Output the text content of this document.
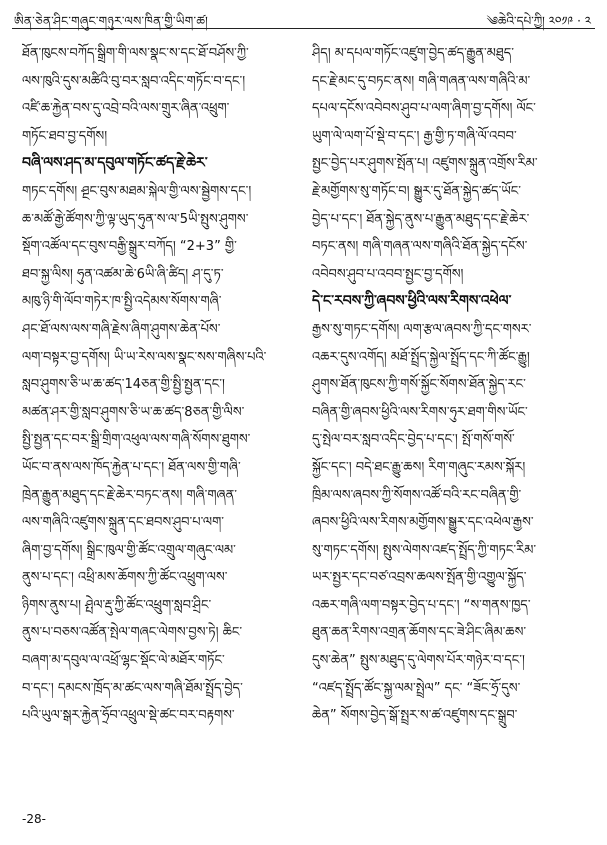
ཨིན་ཅེན་ཤིང་གཞུང་གཉུར་ལས་ཁིན་གྱི་ཡིག་ཚ།	༄ཆེའི་དཔེ་ཀྱི། ༢༠༡༩ · ༢
ཐོན་ཁུངས་བཀོད་སྒྲིག་གི་ལས་སྣང་ས་དང་ཐོ་བཤོས་ཀྱི་
ལས་ཁུའི་དུས་མཚིའི་བུ་བར་སླབ་འདིང་གཏོང་བ་དང་།
འཛི་ཆ་རྐྱེན་བས་དུ་འབྲེ་བའི་ལས་གྲུར་ཞིན་འཕྲུག་
གཏོང་ཐབ་བྱ་དགོས།
བཞི་ལས་ཤད་མ་དབུལ་གཏོང་ཚད་རྗེ་ཆེར་
གཏང་དགོས། ཤྔང་བུས་མཐམ་སྐེལ་གྱི་ལས་སྦྱེགས་དང་།
ཆ་མཚོ་རྒྱེ་ཚོགས་ཀྱི་ལྟ་ཡུད་ཧུན་ས་ལ་5ཡི་སྤུས་ཤུགས་
སྡོག་འཚོལ་དང་བུས་བརྒྱི་སྒྲུར་བཀོད། “2+3” གྱི་
ཐབ་སྐྱ་ལིས། ཧུན་འཚམ་ཆེ་6ཡི་ཞི་ཚིད། ཤ་དུ་ཏ་
མཁུ་ཉི་གི་ལོབ་གཏེར་ཁ་སྤྱི་འདེམས་སོགས་གཞི་
ཤང་ཐོ་ལས་ལས་གཞི་རྗེས་ཞིག་ཤུགས་ཆེན་པོས་
ལག་བསྟར་བྱ་དགོས། ཡི་ཡ་རེས་ལས་སྣང་སས་གཞིས་པའི་
སླབ་ཤུགས་ཅི་ཡ་ཆ་ཚད་14ཅན་གྱི་སྤྱི་སྤྱན་དང་།
མཚན་ཤར་གྱི་སླབ་ཤུགས་ཅི་ཡ་ཆ་ཚད་8ཅན་གྱི་ལིས་
སྤྱི་སྤྱན་དང་བར་སྒྲི་གྲིག་འཕུལ་ལས་གཞི་སོགས་ཐུགས་
ཡོང་བ་ནས་ལས་ཁོད་རྐྱེན་པ་དང་། ཐོན་ལས་གྱི་གཞི་
ཁྲེན་རྒྱུན་མཐུད་དང་རྗེ་ཆེར་བཏང་ནས། གཞི་གཞན་
ལས་གཞིའི་འཛུགས་སྐྲུན་དང་ཐབས་ཤུབ་པ་ལག་
ཞིག་བྱ་དགོས། སྒྲིང་ཁུལ་གྱི་ཚོང་འགྲུལ་གཞུང་ལམ་
ནུས་པ་དང་། འཕྲི་མས་ཆོགས་ཀྱི་ཚོང་འཕྲུག་ལས་
ཉིགས་ནུས་པ། ཤྤེལ་རྡུ་ཀྱི་ཚོང་འཕྲུག་སླབ་ཤྲིང་
ནུས་པ་བཅས་འཚོན་སྤེལ་གཞང་ལེགས་བྱས་ཏེ། ཆིང་
བཞག་མ་དབུལ་ལ་འཕྲོ་ལྷང་སྡོང་ལེ་མཐོར་གཏོང་
བ་དང་། དམངས་ཁྲོད་མ་ཚང་ལས་གཞི་ཐོམ་སྤྲོད་བྱེད་
པའི་ཡུལ་སྒར་རྐྱེན་ཧྲོབ་འཕྲུལ་སྡེ་ཚང་བར་བརྟགས་
ཤིད། མ་དཔལ་གཏོང་འཛུག་བྱེད་ཚད་རྒྱུན་མཐུད་
དང་རྗེ་མང་དུ་བཏང་ནས། གཞི་གཞན་ལས་གཞིའི་མ་
དཔལ་དངོས་འབེབས་ཤུབ་པ་ལག་ཞིག་བྱ་དགོས། ལོང་
ཡུག་ལེ་ལག་པོ་སྡེ་བ་དང་། རྒྱ་གྱི་ཏ་གཞི་ལོ་འབབ་
སྤྱང་བྱེད་པར་ཤུགས་སྤོན་པ། འཛུགས་སྐྲུན་འགྲོས་རིམ་
རྗེ་མགྱོགས་སུ་གཏོང་བ། སྒྱུར་དུ་ཐོན་སྐྱེད་ཚད་ཡོང་
བྱེད་པ་དང་། ཐོན་སྐྱེད་ནུས་པ་རྒྱུན་མཐུད་དང་རྗེ་ཆེར་
བཏང་ནས། གཞི་གཞན་ལས་གཞིའི་ཐོན་སྐྱེད་དངོས་
འབེབས་ཤུབ་པ་འབབ་སྤྱང་བྱ་དགོས།
དེ་ང་རབས་ཀྱི་ཞབས་ཕྱིའི་ལས་རིགས་འཕེལ་
རྒྱས་སུ་གཏང་དགོས། ལག་རྩལ་ཞབས་ཀྱི་དང་གསར་
འཆར་དུས་འགོད། མཐོ་སྤྲོད་སྐྱེལ་སྤྲོད་དང་ཀི་ཚོང་རྒྱུ།
ཤུགས་ཐོན་ཁུངས་ཀྱི་གསོ་སྐྱོང་སོགས་ཐོན་སྐྱེད་རང་
བཞིན་གྱི་ཞབས་ཕྱིའི་ལས་རིགས་ཧུར་ཐག་གིས་ཡོང་
དུ་སྤེལ་བར་སླབ་འདིང་བྱེད་པ་དང་། སྤོ་གསོ་གསོ་
སྐྱོང་དང་། བདེ་ཐང་རྒྱུ་ཆས། རིག་གཞུང་རམས་སྐོར།
ཁྲིམ་ལས་ཞབས་ཀྱི་སོགས་འཚོ་བའི་རང་བཞིན་གྱི་
ཞབས་ཕྱིའི་ལས་རིགས་མགྱོགས་སྒྱུར་དང་འཕེལ་རྒྱས་
སུ་གཏང་དགོས། སྤུས་ལེགས་འཛད་སྤྲོད་ཀྱི་གཏང་རིམ་
ཡར་སྤྱར་དང་བཙ་འབྲས་ཆལས་སྤོན་གྱི་འགྱུལ་སྐྱོད་
འཆར་གཞི་ལག་བསྟར་བྱེད་པ་དང་། “ས་གནས་ཁྱད་
ཐུན་ཆན་རིགས་འགྲན་ཆོགས་དང་ཟེ་ཤིང་ཞིམ་ཆས་
དུས་ཆེན” སྤུས་མཐུད་དུ་ལེགས་པོར་གཉེར་བ་དང་།
“འཛད་སྤྲོད་ཚོང་སྐྱ་ལམ་སྤྲེལ” དང་ “ཟོང་ཧྲོ་དུས་
ཆེན” སོགས་བྱེད་སྒོ་སྤྲར་ས་ཚ་འཛུགས་དང་སྒྲུབ་
-28-
